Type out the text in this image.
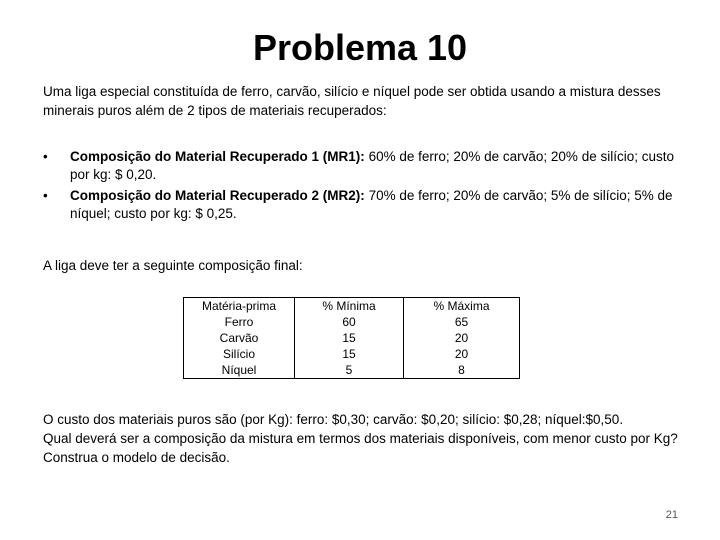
Problema 10
Uma liga especial constituída de ferro, carvão, silício e níquel pode ser obtida usando a mistura desses minerais puros além de 2 tipos de materiais recuperados:
• Composição do Material Recuperado 1 (MR1): 60% de ferro; 20% de carvão; 20% de silício; custo por kg: $ 0,20.
• Composição do Material Recuperado 2 (MR2): 70% de ferro; 20% de carvão; 5% de silício; 5% de níquel; custo por kg: $ 0,25.
A liga deve ter a seguinte composição final:
Matéria-prima	% Mínima	% Máxima
Ferro	60	65
Carvão	15	20
Silício	15	20
Níquel	5	8

O custo dos materiais puros são (por Kg): ferro: $0,30; carvão: $0,20; silício: $0,28; níquel:$0,50.

Qual deverá ser a composição da mistura em termos dos materiais disponíveis, com menor custo por Kg? Construa o modelo de decisão.

21
